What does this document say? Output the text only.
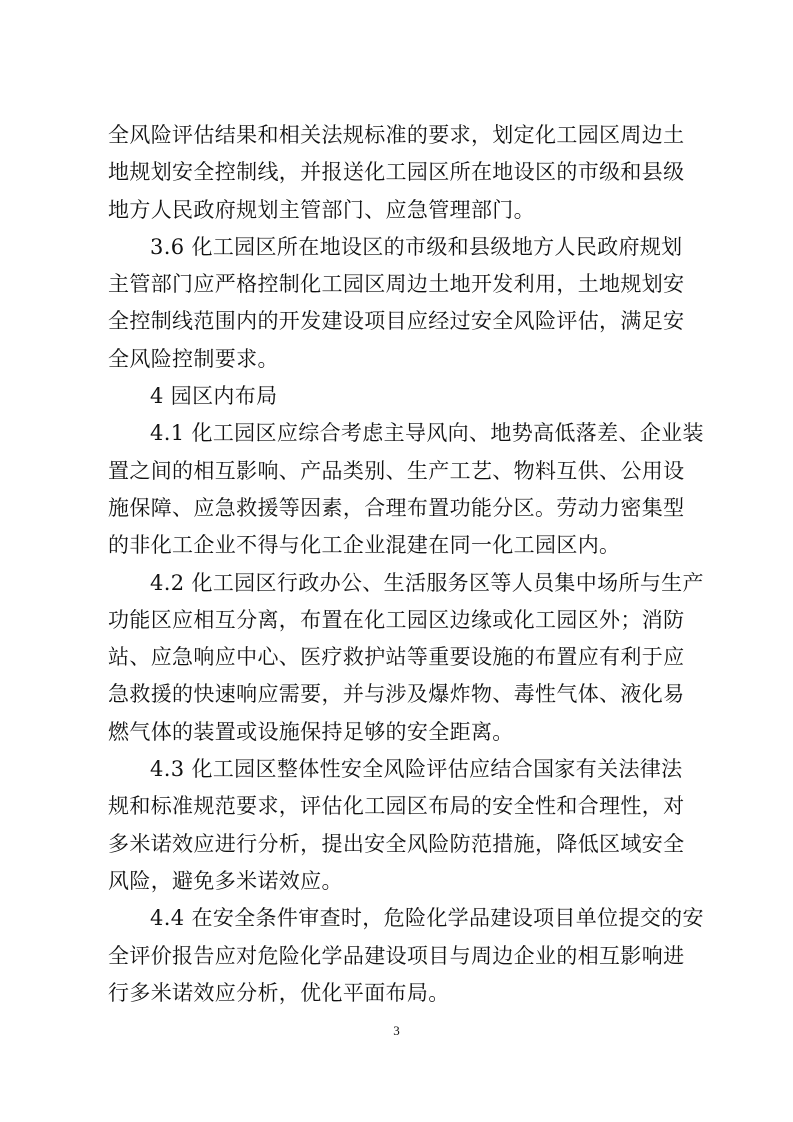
全风险评估结果和相关法规标准的要求，划定化工园区周边土
地规划安全控制线，并报送化工园区所在地设区的市级和县级
地方人民政府规划主管部门、应急管理部门。
3.6 化工园区所在地设区的市级和县级地方人民政府规划
主管部门应严格控制化工园区周边土地开发利用，土地规划安
全控制线范围内的开发建设项目应经过安全风险评估，满足安
全风险控制要求。
4 园区内布局
4.1 化工园区应综合考虑主导风向、地势高低落差、企业装
置之间的相互影响、产品类别、生产工艺、物料互供、公用设
施保障、应急救援等因素，合理布置功能分区。劳动力密集型
的非化工企业不得与化工企业混建在同一化工园区内。
4.2 化工园区行政办公、生活服务区等人员集中场所与生产
功能区应相互分离，布置在化工园区边缘或化工园区外；消防
站、应急响应中心、医疗救护站等重要设施的布置应有利于应
急救援的快速响应需要，并与涉及爆炸物、毒性气体、液化易
燃气体的装置或设施保持足够的安全距离。
4.3 化工园区整体性安全风险评估应结合国家有关法律法
规和标准规范要求，评估化工园区布局的安全性和合理性，对
多米诺效应进行分析，提出安全风险防范措施，降低区域安全
风险，避免多米诺效应。
4.4 在安全条件审查时，危险化学品建设项目单位提交的安
全评价报告应对危险化学品建设项目与周边企业的相互影响进
行多米诺效应分析，优化平面布局。
3
